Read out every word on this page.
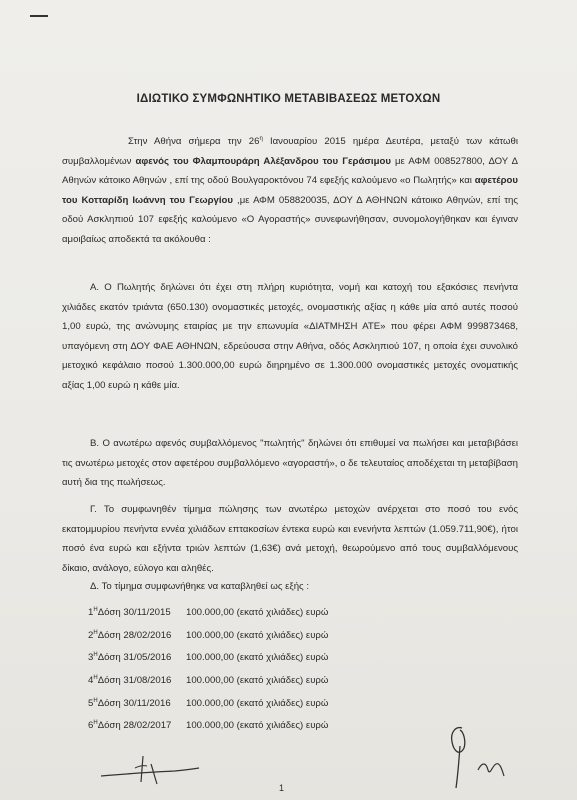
ΙΔΙΩΤΙΚΟ ΣΥΜΦΩΝΗΤΙΚΟ ΜΕΤΑΒΙΒΑΣΕΩΣ ΜΕΤΟΧΩΝ
Στην Αθήνα σήμερα την $26^\eta$ Ιανουαρίου 2015 ημέρα Δευτέρα, μεταξύ των κάτωθι συμβαλλομένων αφενός του Φλαμπουράρη Αλέξανδρου του Γεράσιμου με ΑΦΜ 008527800, ΔΟΥ Δ Αθηνών κάτοικο Αθηνών , επί της οδού Βουλγαροκτόνου 74 εφεξής καλούμενο «ο Πωλητής» και αφετέρου του Κοτταρίδη Ιωάννη του Γεωργίου ,με ΑΦΜ 058820035, ΔΟΥ Δ ΑΘΗΝΩΝ κάτοικο Αθηνών, επί της οδού Ασκληπιού 107 εφεξής καλούμενο «Ο Αγοραστής» συνεφωνήθησαν, συνομολογήθηκαν και έγιναν αμοιβαίως αποδεκτά τα ακόλουθα :
Α. Ο Πωλητής δηλώνει ότι έχει στη πλήρη κυριότητα, νομή και κατοχή του εξακόσιες πενήντα χιλιάδες εκατόν τριάντα (650.130) ονομαστικές μετοχές, ονομαστικής αξίας η κάθε μία από αυτές ποσού 1,00 ευρώ, της ανώνυμης εταιρίας με την επωνυμία «ΔΙΑΤΜΗΣΗ ΑΤΕ» που φέρει ΑΦΜ 999873468, υπαγόμενη στη ΔΟΥ ΦΑΕ ΑΘΗΝΩΝ, εδρεύουσα στην Αθήνα, οδός Ασκληπιού 107, η οποία έχει συνολικό μετοχικό κεφάλαιο ποσού 1.300.000,00 ευρώ διηρημένο σε 1.300.000 ονομαστικές μετοχές ονοματικής αξίας 1,00 ευρώ η κάθε μία.
Β. Ο ανωτέρω αφενός συμβαλλόμενος "πωλητής" δηλώνει ότι επιθυμεί να πωλήσει και μεταβιβάσει τις ανωτέρω μετοχές στον αφετέρου συμβαλλόμενο «αγοραστή», ο δε τελευταίος αποδέχεται τη μεταβίβαση αυτή δια της πωλήσεως.
Γ. Το συμφωνηθέν τίμημα πώλησης των ανωτέρω μετοχών ανέρχεται στο ποσό του ενός εκατομμυρίου πενήντα εννέα χιλιάδων επτακοσίων έντεκα ευρώ και ενενήντα λεπτών (1.059.711,90€), ήτοι ποσό ένα ευρώ και εξήντα τριών λεπτών (1,63€) ανά μετοχή, θεωρούμενο από τους συμβαλλόμενους δίκαιο, ανάλογο, εύλογο και αληθές.
Δ. Το τίμημα συμφωνήθηκε να καταβληθεί ως εξής :
$1^H\Delta ό\sigma\eta$ 30/11/2015 100.000,00 (εκατό χιλιάδες) ευρώ
$2^H\Delta ό\sigma\eta$ 28/02/2016 100.000,00 (εκατό χιλιάδες) ευρώ
$3^H\Delta ό\sigma\eta$ 31/05/2016 100.000,00 (εκατό χιλιάδες) ευρώ
$4^H\Delta ό\sigma\eta$ 31/08/2016 100.000,00 (εκατό χιλιάδες) ευρώ
$5^H\Delta ό\sigma\eta$ 30/11/2016 100.000,00 (εκατό χιλιάδες) ευρώ
$6^H\Delta ό\sigma\eta$ 28/02/2017 100.000,00 (εκατό χιλιάδες) ευρώ
1
